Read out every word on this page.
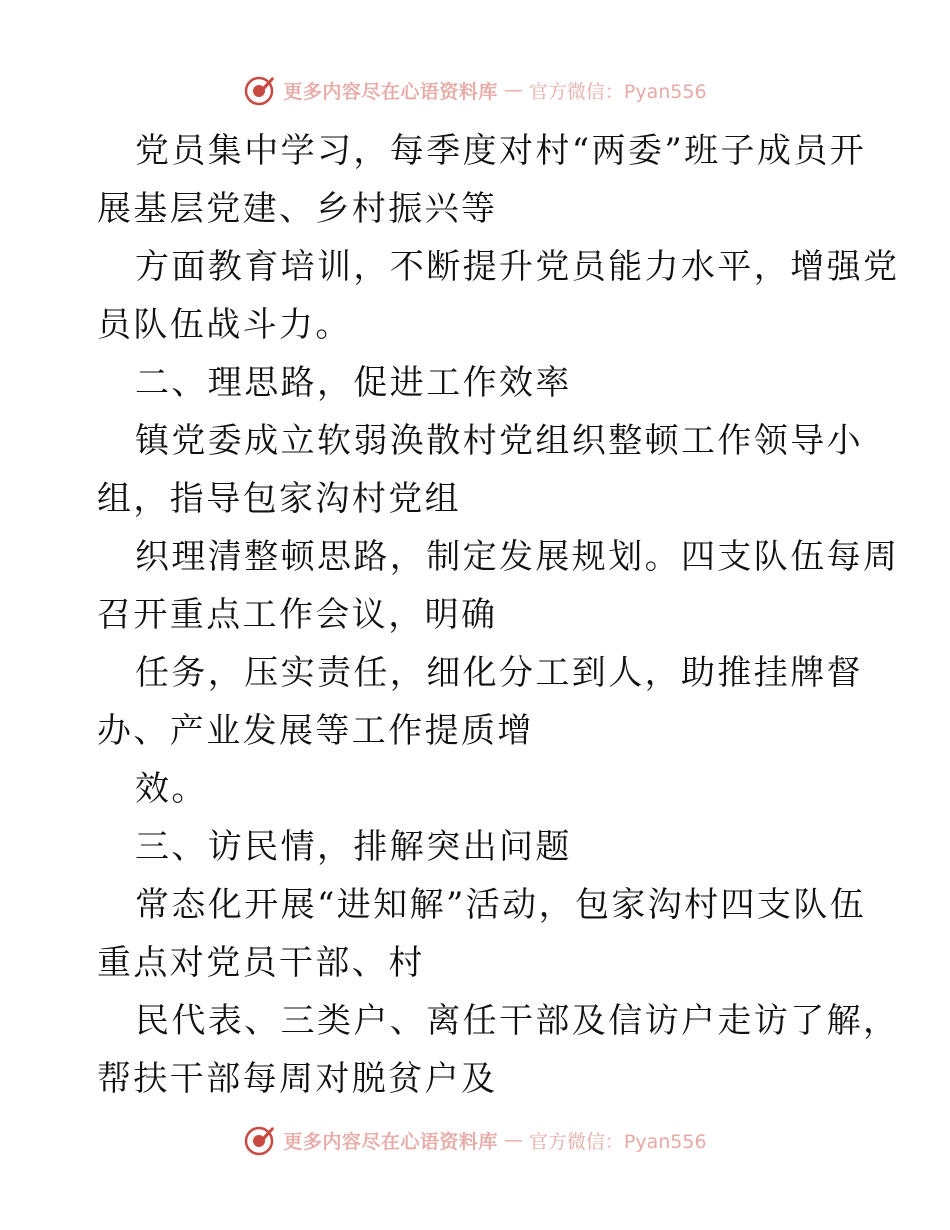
更多内容尽在心语资料库 — 官方微信：Pyan556
党员集中学习，每季度对村“两委”班子成员开
展基层党建、乡村振兴等
方面教育培训，不断提升党员能力水平，增强党
员队伍战斗力。
二、理思路，促进工作效率
镇党委成立软弱涣散村党组织整顿工作领导小
组，指导包家沟村党组
织理清整顿思路，制定发展规划。四支队伍每周
召开重点工作会议，明确
任务，压实责任，细化分工到人，助推挂牌督
办、产业发展等工作提质增
效。
三、访民情，排解突出问题
常态化开展“进知解”活动，包家沟村四支队伍
重点对党员干部、村
民代表、三类户、离任干部及信访户走访了解，
帮扶干部每周对脱贫户及
更多内容尽在心语资料库 — 官方微信：Pyan556
